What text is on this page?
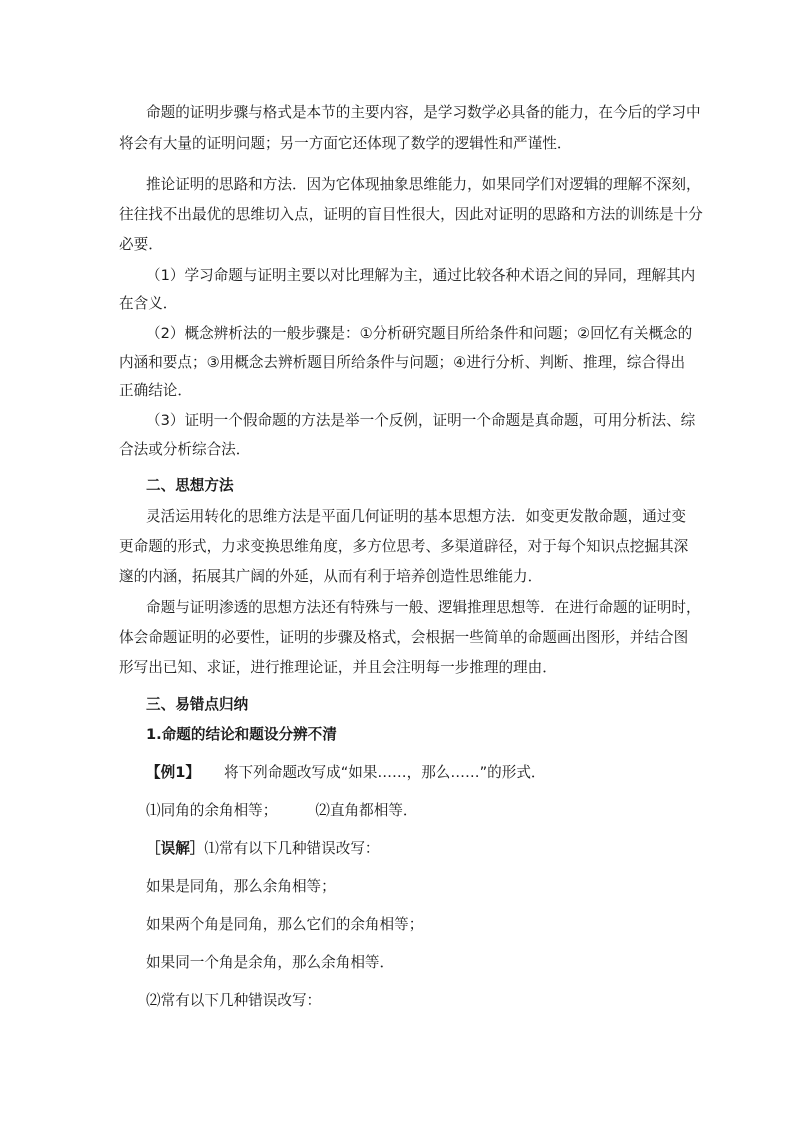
命题的证明步骤与格式是本节的主要内容，是学习数学必具备的能力，在今后的学习中
将会有大量的证明问题；另一方面它还体现了数学的逻辑性和严谨性．
推论证明的思路和方法．因为它体现抽象思维能力，如果同学们对逻辑的理解不深刻，
往往找不出最优的思维切入点，证明的盲目性很大，因此对证明的思路和方法的训练是十分
必要．
（1）学习命题与证明主要以对比理解为主，通过比较各种术语之间的异同，理解其内
在含义．
（2）概念辨析法的一般步骤是：①分析研究题目所给条件和问题；②回忆有关概念的
内涵和要点；③用概念去辨析题目所给条件与问题；④进行分析、判断、推理，综合得出
正确结论．
（3）证明一个假命题的方法是举一个反例，证明一个命题是真命题，可用分析法、综
合法或分析综合法．
二、思想方法
灵活运用转化的思维方法是平面几何证明的基本思想方法．如变更发散命题，通过变
更命题的形式，力求变换思维角度，多方位思考、多渠道辟径，对于每个知识点挖掘其深
邃的内涵，拓展其广阔的外延，从而有利于培养创造性思维能力．
命题与证明渗透的思想方法还有特殊与一般、逻辑推理思想等．在进行命题的证明时，
体会命题证明的必要性，证明的步骤及格式，会根据一些简单的命题画出图形，并结合图
形写出已知、求证，进行推理论证，并且会注明每一步推理的理由．
三、易错点归纳
1.命题的结论和题设分辨不清
【例1】 将下列命题改写成“如果……，那么……”的形式．
⑴同角的余角相等；	⑵直角都相等．
［误解］⑴常有以下几种错误改写：
如果是同角，那么余角相等；
如果两个角是同角，那么它们的余角相等；
如果同一个角是余角，那么余角相等．
⑵常有以下几种错误改写：
